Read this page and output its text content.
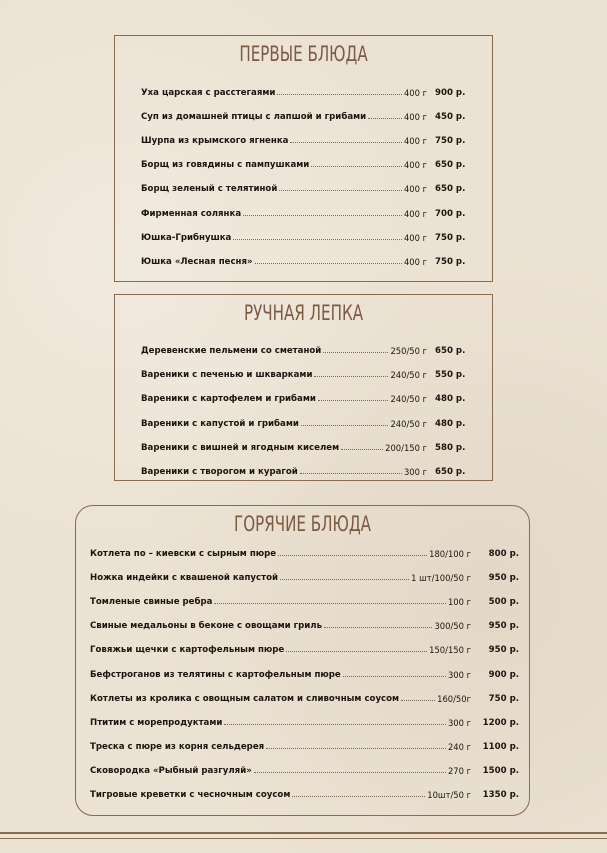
ПЕРВЫЕ БЛЮДА
Уха царская с расстегаями	400 г 900 р.
Суп из домашней птицы с лапшой и грибами	400 г 450 р.
Шурпа из крымского ягненка	400 г 750 р.
Борщ из говядины с пампушками	400 г 650 р.
Борщ зеленый с телятиной	400 г 650 р.
Фирменная солянка	400 г 700 р.
Юшка-Грибнушка	400 г 750 р.
Юшка «Лесная песня»	400 г 750 р.
РУЧНАЯ ЛЕПКА
Деревенские пельмени со сметаной	250/50 г 650 р.
Вареники с печенью и шкварками	240/50 г 550 р.
Вареники с картофелем и грибами	240/50 г 480 р.
Вареники с капустой и грибами	240/50 г 480 р.
Вареники с вишней и ягодным киселем	200/150 г 580 р.
Вареники с творогом и курагой	300 г 650 р.
ГОРЯЧИЕ БЛЮДА
Котлета по – киевски с сырным пюре	180/100 г	800 р.
Ножка индейки с квашеной капустой	1 шт/100/50 г	950 р.
Томленые свиные ребра	100 г	500 р.
Свиные медальоны в беконе с овощами гриль	300/50 г	950 р.
Говяжьи щечки с картофельным пюре	150/150 г	950 р.
Бефстроганов из телятины с картофельным пюре	300 г	900 р.
Котлеты из кролика с овощным салатом и сливочным соусом	160/50г	750 р.
Птитим с морепродуктами	300 г	1200 р.
Треска с пюре из корня сельдерея	240 г	1100 р.
Сковородка «Рыбный разгуляй»	270 г	1500 р.
Тигровые креветки с чесночным соусом	10шт/50 г	1350 р.
